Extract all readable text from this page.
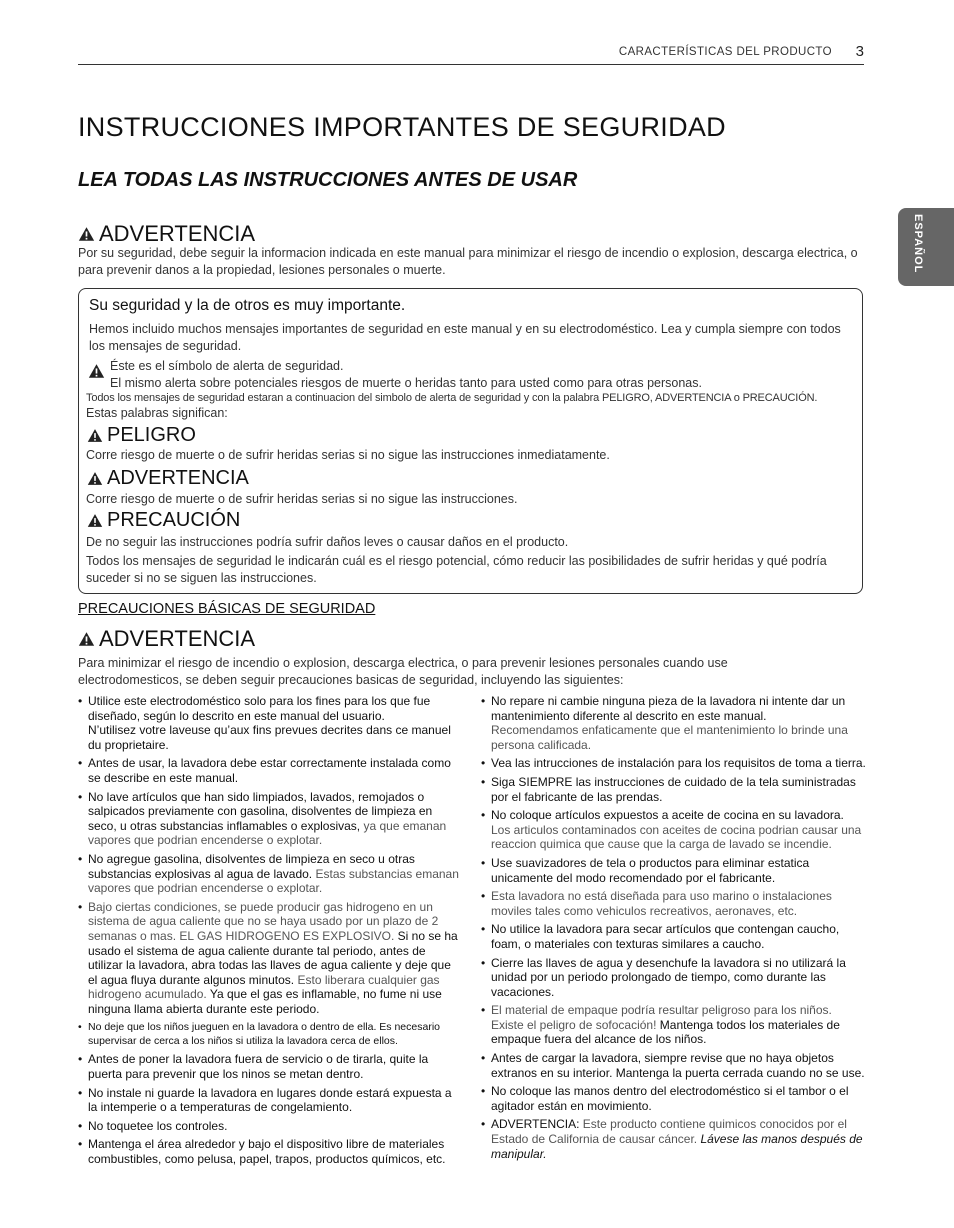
CARACTERÍSTICAS DEL PRODUCTO 3
ESPAÑOL
INSTRUCCIONES IMPORTANTES DE SEGURIDAD
LEA TODAS LAS INSTRUCCIONES ANTES DE USAR
ADVERTENCIA
Por su seguridad, debe seguir la informacion indicada en este manual para minimizar el riesgo de incendio o explosion, descarga electrica, o para prevenir danos a la propiedad, lesiones personales o muerte.
Su seguridad y la de otros es muy importante.
Hemos incluido muchos mensajes importantes de seguridad en este manual y en su electrodoméstico. Lea y cumpla siempre con todos los mensajes de seguridad.
Éste es el símbolo de alerta de seguridad.
El mismo alerta sobre potenciales riesgos de muerte o heridas tanto para usted como para otras personas.
Todos los mensajes de seguridad estaran a continuacion del simbolo de alerta de seguridad y con la palabra PELIGRO, ADVERTENCIA o PRECAUCIÓN.
Estas palabras significan:
PELIGRO
Corre riesgo de muerte o de sufrir heridas serias si no sigue las instrucciones inmediatamente.
ADVERTENCIA
Corre riesgo de muerte o de sufrir heridas serias si no sigue las instrucciones.
PRECAUCIÓN
De no seguir las instrucciones podría sufrir daños leves o causar daños en el producto.
Todos los mensajes de seguridad le indicarán cuál es el riesgo potencial, cómo reducir las posibilidades de sufrir heridas y qué podría suceder si no se siguen las instrucciones.
PRECAUCIONES BÁSICAS DE SEGURIDAD
ADVERTENCIA
Para minimizar el riesgo de incendio o explosion, descarga electrica, o para prevenir lesiones personales cuando use electrodomesticos, se deben seguir precauciones basicas de seguridad, incluyendo las siguientes:
• Utilice este electrodoméstico solo para los fines para los que fue diseñado, según lo descrito en este manual del usuario.
N’utilisez votre laveuse qu’aux fins prevues decrites dans ce manuel du proprietaire.
• Antes de usar, la lavadora debe estar correctamente instalada como se describe en este manual.
• No lave artículos que han sido limpiados, lavados, remojados o salpicados previamente con gasolina, disolventes de limpieza en seco, u otras substancias inflamables o explosivas, ya que emanan vapores que podrian encenderse o explotar.
• No agregue gasolina, disolventes de limpieza en seco u otras substancias explosivas al agua de lavado. Estas substancias emanan vapores que podrian encenderse o explotar.
• Bajo ciertas condiciones, se puede producir gas hidrogeno en un sistema de agua caliente que no se haya usado por un plazo de 2 semanas o mas. EL GAS HIDROGENO ES EXPLOSIVO. Si no se ha usado el sistema de agua caliente durante tal periodo, antes de utilizar la lavadora, abra todas las llaves de agua caliente y deje que el agua fluya durante algunos minutos. Esto liberara cualquier gas hidrogeno acumulado. Ya que el gas es inflamable, no fume ni use ninguna llama abierta durante este periodo.
• No deje que los niños jueguen en la lavadora o dentro de ella. Es necesario supervisar de cerca a los niños si utiliza la lavadora cerca de ellos.
• Antes de poner la lavadora fuera de servicio o de tirarla, quite la puerta para prevenir que los ninos se metan dentro.
• No instale ni guarde la lavadora en lugares donde estará expuesta a la intemperie o a temperaturas de congelamiento.
• No toquetee los controles.
• Mantenga el área alrededor y bajo el dispositivo libre de materiales combustibles, como pelusa, papel, trapos, productos químicos, etc.
• No repare ni cambie ninguna pieza de la lavadora ni intente dar un mantenimiento diferente al descrito en este manual.
Recomendamos enfaticamente que el mantenimiento lo brinde una persona calificada.
• Vea las intrucciones de instalación para los requisitos de toma a tierra.
• Siga SIEMPRE las instrucciones de cuidado de la tela suministradas por el fabricante de las prendas.
• No coloque artículos expuestos a aceite de cocina en su lavadora.
Los articulos contaminados con aceites de cocina podrian causar una reaccion quimica que cause que la carga de lavado se incendie.
• Use suavizadores de tela o productos para eliminar estatica unicamente del modo recomendado por el fabricante.
• Esta lavadora no está diseñada para uso marino o instalaciones moviles tales como vehiculos recreativos, aeronaves, etc.
• No utilice la lavadora para secar artículos que contengan caucho, foam, o materiales con texturas similares a caucho.
• Cierre las llaves de agua y desenchufe la lavadora si no utilizará la unidad por un periodo prolongado de tiempo, como durante las vacaciones.
• El material de empaque podría resultar peligroso para los niños. Existe el peligro de sofocación! Mantenga todos los materiales de empaque fuera del alcance de los niños.
• Antes de cargar la lavadora, siempre revise que no haya objetos extranos en su interior. Mantenga la puerta cerrada cuando no se use.
• No coloque las manos dentro del electrodoméstico si el tambor o el agitador están en movimiento.
• ADVERTENCIA: Este producto contiene quimicos conocidos por el Estado de California de causar cáncer. Lávese las manos después de manipular.
